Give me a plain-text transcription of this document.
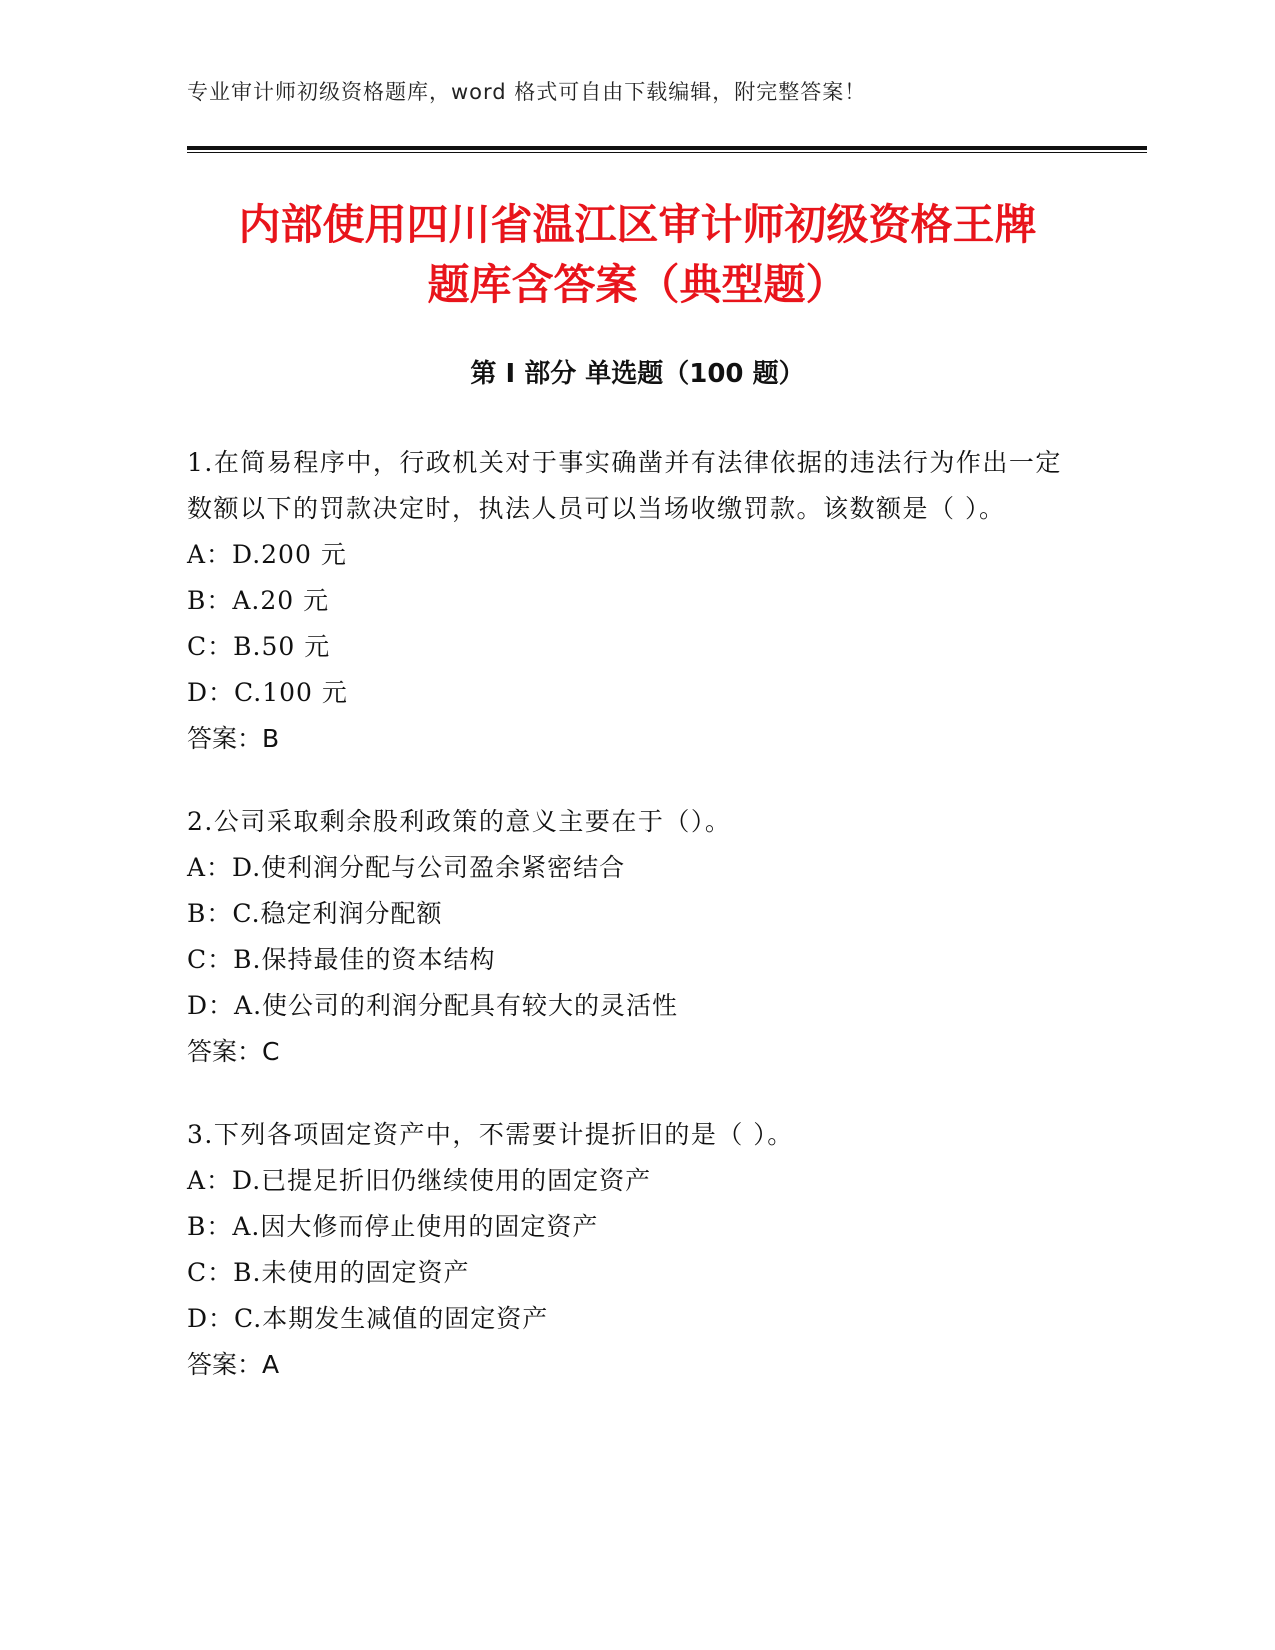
专业审计师初级资格题库，word 格式可自由下载编辑，附完整答案！
内部使用四川省温江区审计师初级资格王牌
题库含答案（典型题）
第 I 部分 单选题（100 题）

1.在简易程序中，行政机关对于事实确凿并有法律依据的违法行为作出一定数额以下的罚款决定时，执法人员可以当场收缴罚款。该数额是（ ）。

A：D.200 元

B：A.20 元

C：B.50 元

D：C.100 元

答案：B

2.公司采取剩余股利政策的意义主要在于（）。

A：D.使利润分配与公司盈余紧密结合

B：C.稳定利润分配额

C：B.保持最佳的资本结构

D：A.使公司的利润分配具有较大的灵活性

答案：C

3.下列各项固定资产中，不需要计提折旧的是（ ）。

A：D.已提足折旧仍继续使用的固定资产

B：A.因大修而停止使用的固定资产

C：B.未使用的固定资产

D：C.本期发生减值的固定资产

答案：A
